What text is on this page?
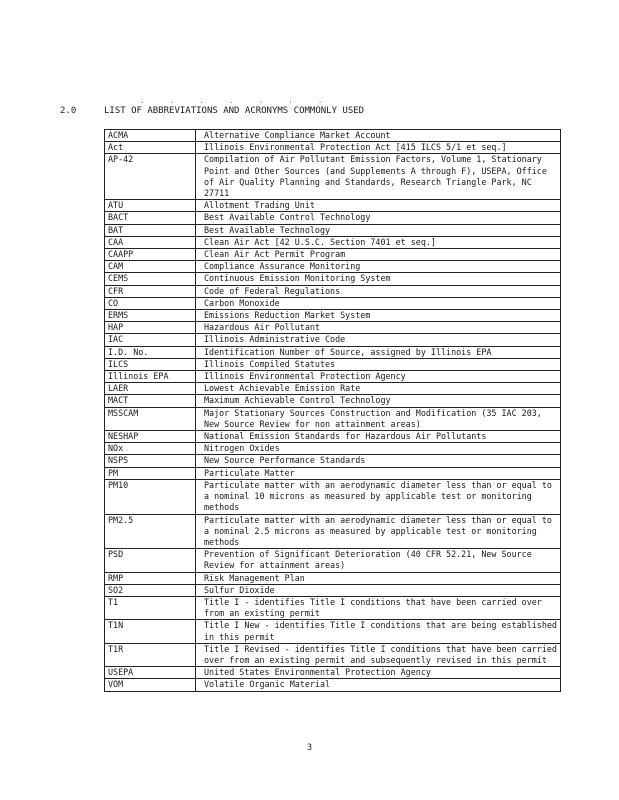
. . . . . . .
2.0	LIST OF ABBREVIATIONS AND ACRONYMS COMMONLY USED
ACMA	Alternative Compliance Market Account
Act	Illinois Environmental Protection Act [415 ILCS 5/1 et seq.]
AP-42	Compilation of Air Pollutant Emission Factors, Volume 1, Stationary Point and Other Sources (and Supplements A through F), USEPA, Office of Air Quality Planning and Standards, Research Triangle Park, NC 27711
ATU	Allotment Trading Unit
BACT	Best Available Control Technology
BAT	Best Available Technology
CAA	Clean Air Act [42 U.S.C. Section 7401 et seq.]
CAAPP	Clean Air Act Permit Program
CAM	Compliance Assurance Monitoring
CEMS	Continuous Emission Monitoring System
CFR	Code of Federal Regulations
CO	Carbon Monoxide
ERMS	Emissions Reduction Market System
HAP	Hazardous Air Pollutant
IAC	Illinois Administrative Code
I.D. No.	Identification Number of Source, assigned by Illinois EPA
ILCS	Illinois Compiled Statutes
Illinois EPA	Illinois Environmental Protection Agency
LAER	Lowest Achievable Emission Rate
MACT	Maximum Achievable Control Technology
MSSCAM	Major Stationary Sources Construction and Modification (35 IAC 203, New Source Review for non attainment areas)
NESHAP	National Emission Standards for Hazardous Air Pollutants
NOx	Nitrogen Oxides
NSPS	New Source Performance Standards
PM	Particulate Matter
PM10	Particulate matter with an aerodynamic diameter less than or equal to a nominal 10 microns as measured by applicable test or monitoring methods
PM2.5	Particulate matter with an aerodynamic diameter less than or equal to a nominal 2.5 microns as measured by applicable test or monitoring methods
PSD	Prevention of Significant Deterioration (40 CFR 52.21, New Source Review for attainment areas)
RMP	Risk Management Plan
SO2	Sulfur Dioxide
T1	Title I - identifies Title I conditions that have been carried over from an existing permit
T1N	Title I New - identifies Title I conditions that are being established in this permit
T1R	Title I Revised - identifies Title I conditions that have been carried over from an existing permit and subsequently revised in this permit
USEPA	United States Environmental Protection Agency
VOM	Volatile Organic Material
3
